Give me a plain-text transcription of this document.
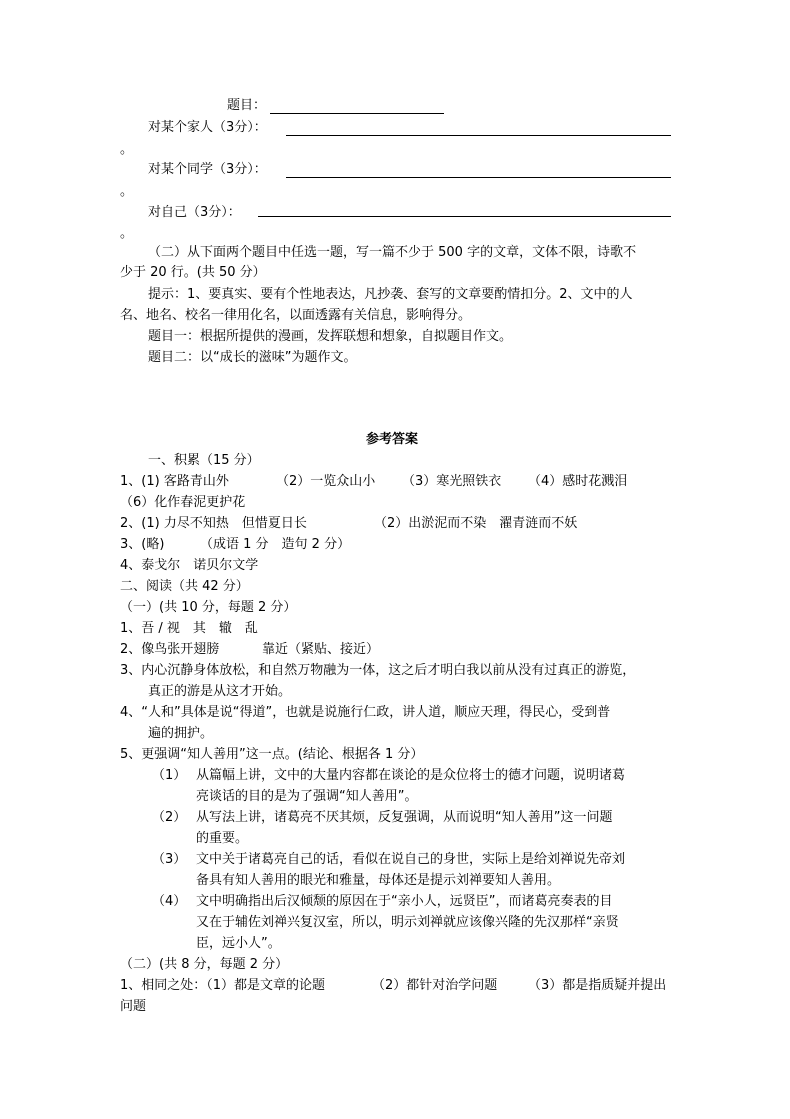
题目：
对某个家人（3分）：
。
对某个同学（3分）：
。
对自己（3分）：
。
（二）从下面两个题目中任选一题，写一篇不少于 500 字的文章，文体不限，诗歌不
少于 20 行。(共 50 分）
提示：1、要真实、要有个性地表达，凡抄袭、套写的文章要酌情扣分。2、文中的人
名、地名、校名一律用化名，以面透露有关信息，影响得分。
题目一：根据所提供的漫画，发挥联想和想象，自拟题目作文。
题目二：以“成长的滋味”为题作文。
参考答案
一、积累（15 分）
1、(1) 客路青山外	（2）一览众山小 （3）寒光照铁衣 （4）感时花溅泪
（6）化作春泥更护花
2、(1) 力尽不知热　但惜夏日长	（2）出淤泥而不染　濯青涟而不妖
3、(略)	（成语 1 分　造句 2 分）
4、泰戈尔　诺贝尔文学
二、阅读（共 42 分）
（一）(共 10 分，每题 2 分）
1、吾 / 视　其　辙　乱
2、像鸟张开翅膀	靠近（紧贴、接近）
3、内心沉静身体放松，和自然万物融为一体，这之后才明白我以前从没有过真正的游览，
真正的游是从这才开始。
4、“人和”具体是说“得道”，也就是说施行仁政，讲人道，顺应天理，得民心，受到普
遍的拥护。
5、更强调“知人善用”这一点。(结论、根据各 1 分）
（1） 从篇幅上讲，文中的大量内容都在谈论的是众位将士的德才问题，说明诸葛
亮谈话的目的是为了强调“知人善用”。
（2） 从写法上讲，诸葛亮不厌其烦，反复强调，从而说明“知人善用”这一问题
的重要。
（3） 文中关于诸葛亮自己的话，看似在说自己的身世，实际上是给刘禅说先帝刘
备具有知人善用的眼光和雅量，母体还是提示刘禅要知人善用。
（4） 文中明确指出后汉倾颓的原因在于“亲小人，远贤臣”，而诸葛亮奏表的目
又在于辅佐刘禅兴复汉室，所以，明示刘禅就应该像兴隆的先汉那样“亲贤
臣，远小人”。
（二）(共 8 分，每题 2 分）
1、相同之处：（1）都是文章的论题	（2）都针对治学问题 （3）都是指质疑并提出
问题
